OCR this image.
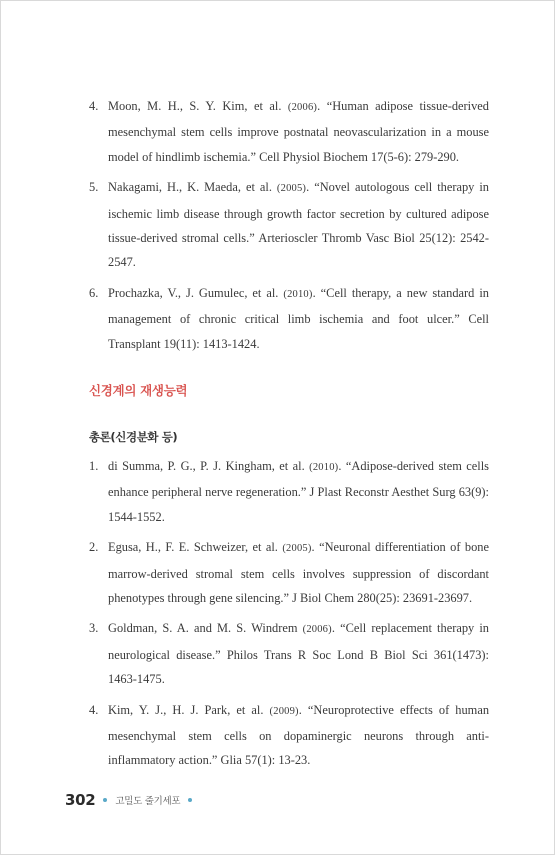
4. Moon, M. H., S. Y. Kim, et al. (2006). “Human adipose tissue-derived mesenchymal stem cells improve postnatal neovascularization in a mouse model of hindlimb ischemia.” Cell Physiol Biochem 17(5-6): 279-290.
5. Nakagami, H., K. Maeda, et al. (2005). “Novel autologous cell therapy in ischemic limb disease through growth factor secretion by cultured adipose tissue-derived stromal cells.” Arterioscler Thromb Vasc Biol 25(12): 2542-2547.
6. Prochazka, V., J. Gumulec, et al. (2010). “Cell therapy, a new standard in management of chronic critical limb ischemia and foot ulcer.” Cell Transplant 19(11): 1413-1424.
신경계의 재생능력
총론(신경분화 등)
1. di Summa, P. G., P. J. Kingham, et al. (2010). “Adipose-derived stem cells enhance peripheral nerve regeneration.” J Plast Reconstr Aesthet Surg 63(9): 1544-1552.
2. Egusa, H., F. E. Schweizer, et al. (2005). “Neuronal differentiation of bone marrow-derived stromal stem cells involves suppression of discordant phenotypes through gene silencing.” J Biol Chem 280(25): 23691-23697.
3. Goldman, S. A. and M. S. Windrem (2006). “Cell replacement therapy in neurological disease.” Philos Trans R Soc Lond B Biol Sci 361(1473): 1463-1475.
4. Kim, Y. J., H. J. Park, et al. (2009). “Neuroprotective effects of human mesenchymal stem cells on dopaminergic neurons through anti-inflammatory action.” Glia 57(1): 13-23.
302 고밀도 줄기세포
